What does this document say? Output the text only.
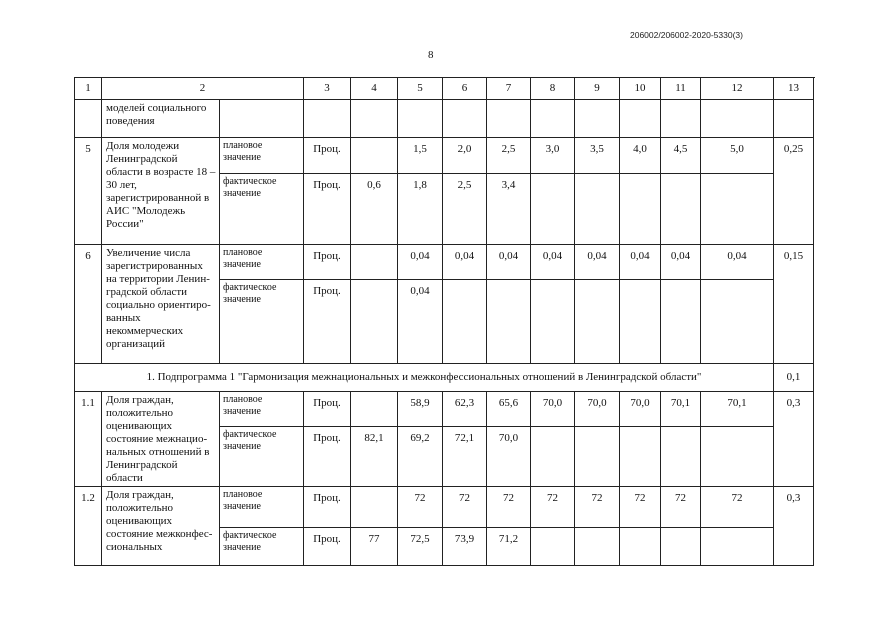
206002/206002-2020-5330(3)
8
1	2		3	4	5	6	7	8	9	10	11	12	13
	моделей социального поведения												
5	Доля молодежи Ленинградской области в возрасте 18 – 30 лет, зарегистрированной в АИС "Молодежь России"	плановое значение	Проц.		1,5	2,0	2,5	3,0	3,5	4,0	4,5	5,0	0,25
		фактическое значение	Проц.	0,6	1,8	2,5	3,4						
6	Увеличение числа зарегистрированных на территории Ленин-градской области социально ориентиро-ванных некоммерческих организаций	плановое значение	Проц.		0,04	0,04	0,04	0,04	0,04	0,04	0,04	0,04	0,15
		фактическое значение	Проц.		0,04								
1. Подпрограмма 1 "Гармонизация межнациональных и межконфессиональных отношений в Ленинградской области"													0,1
1.1	Доля граждан, положительно оценивающих состояние межнацио-нальных отношений в Ленинградской области	плановое значение	Проц.		58,9	62,3	65,6	70,0	70,0	70,0	70,1	70,1	0,3
		фактическое значение	Проц.	82,1	69,2	72,1	70,0						
1.2	Доля граждан, положительно оценивающих состояние межконфес-сиональных	плановое значение	Проц.		72	72	72	72	72	72	72	72	0,3
		фактическое значение	Проц.	77	72,5	73,9	71,2						
